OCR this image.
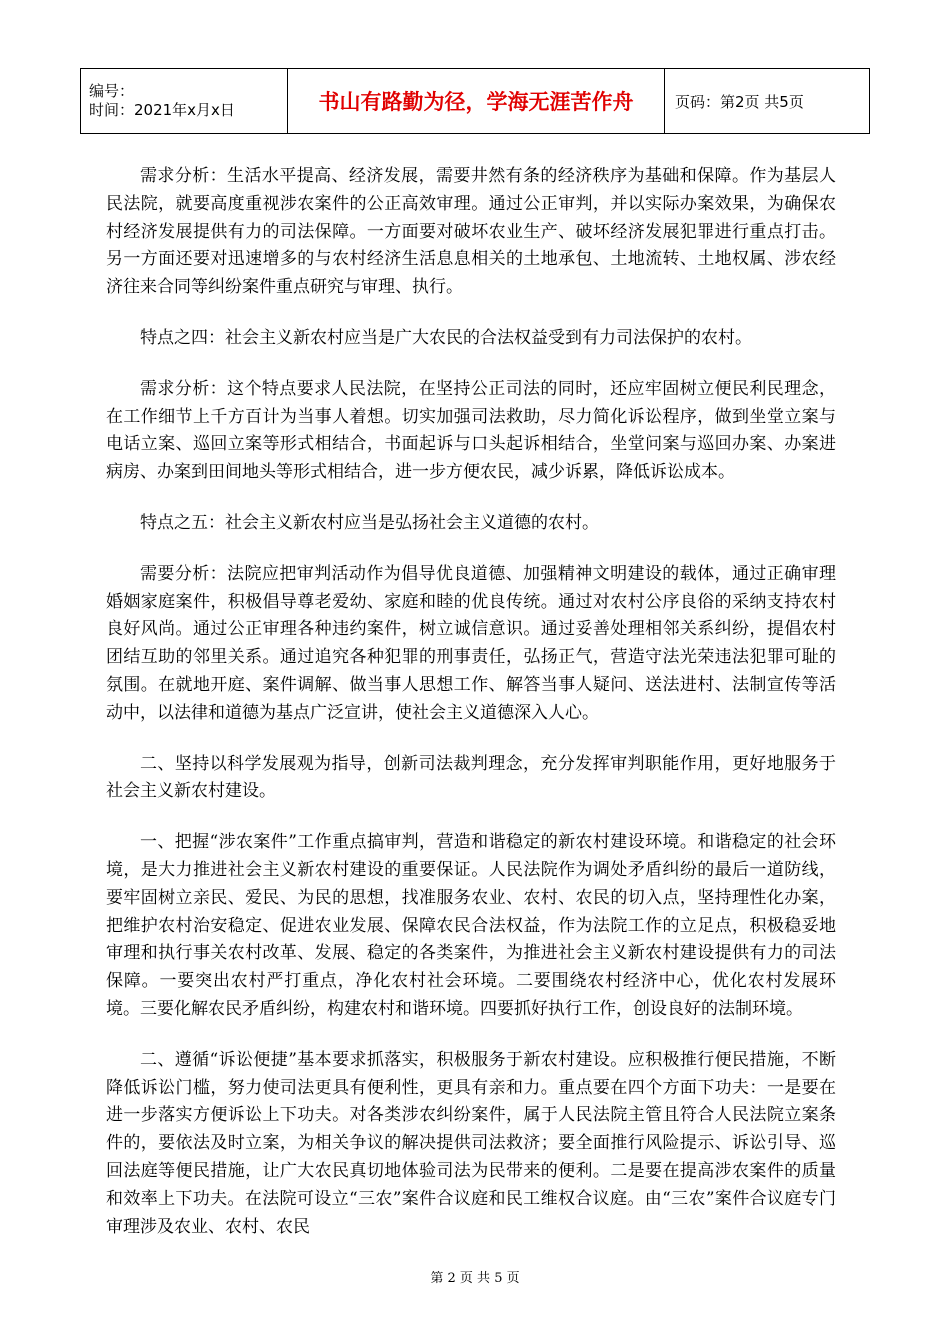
编号：
时间：2021年x月x日	书山有路勤为径，学海无涯苦作舟	页码：第2页 共5页

需求分析：生活水平提高、经济发展，需要井然有条的经济秩序为基础和保障。作为基层人民法院，就要高度重视涉农案件的公正高效审理。通过公正审判，并以实际办案效果，为确保农村经济发展提供有力的司法保障。一方面要对破坏农业生产、破坏经济发展犯罪进行重点打击。另一方面还要对迅速增多的与农村经济生活息息相关的土地承包、土地流转、土地权属、涉农经济往来合同等纠纷案件重点研究与审理、执行。

特点之四：社会主义新农村应当是广大农民的合法权益受到有力司法保护的农村。

需求分析：这个特点要求人民法院，在坚持公正司法的同时，还应牢固树立便民利民理念，在工作细节上千方百计为当事人着想。切实加强司法救助，尽力简化诉讼程序，做到坐堂立案与电话立案、巡回立案等形式相结合，书面起诉与口头起诉相结合，坐堂问案与巡回办案、办案进病房、办案到田间地头等形式相结合，进一步方便农民，减少诉累，降低诉讼成本。

特点之五：社会主义新农村应当是弘扬社会主义道德的农村。

需要分析：法院应把审判活动作为倡导优良道德、加强精神文明建设的载体，通过正确审理婚姻家庭案件，积极倡导尊老爱幼、家庭和睦的优良传统。通过对农村公序良俗的采纳支持农村良好风尚。通过公正审理各种违约案件，树立诚信意识。通过妥善处理相邻关系纠纷，提倡农村团结互助的邻里关系。通过追究各种犯罪的刑事责任，弘扬正气，营造守法光荣违法犯罪可耻的氛围。在就地开庭、案件调解、做当事人思想工作、解答当事人疑问、送法进村、法制宣传等活动中，以法律和道德为基点广泛宣讲，使社会主义道德深入人心。

二、坚持以科学发展观为指导，创新司法裁判理念，充分发挥审判职能作用，更好地服务于社会主义新农村建设。

一、把握“涉农案件”工作重点搞审判，营造和谐稳定的新农村建设环境。和谐稳定的社会环境，是大力推进社会主义新农村建设的重要保证。人民法院作为调处矛盾纠纷的最后一道防线，要牢固树立亲民、爱民、为民的思想，找准服务农业、农村、农民的切入点，坚持理性化办案，把维护农村治安稳定、促进农业发展、保障农民合法权益，作为法院工作的立足点，积极稳妥地审理和执行事关农村改革、发展、稳定的各类案件，为推进社会主义新农村建设提供有力的司法保障。一要突出农村严打重点，净化农村社会环境。二要围绕农村经济中心，优化农村发展环境。三要化解农民矛盾纠纷，构建农村和谐环境。四要抓好执行工作，创设良好的法制环境。

二、遵循“诉讼便捷”基本要求抓落实，积极服务于新农村建设。应积极推行便民措施，不断降低诉讼门槛，努力使司法更具有便利性，更具有亲和力。重点要在四个方面下功夫：一是要在进一步落实方便诉讼上下功夫。对各类涉农纠纷案件，属于人民法院主管且符合人民法院立案条件的，要依法及时立案，为相关争议的解决提供司法救济；要全面推行风险提示、诉讼引导、巡回法庭等便民措施，让广大农民真切地体验司法为民带来的便利。二是要在提高涉农案件的质量和效率上下功夫。在法院可设立“三农”案件合议庭和民工维权合议庭。由“三农”案件合议庭专门审理涉及农业、农村、农民

第 2 页 共 5 页
